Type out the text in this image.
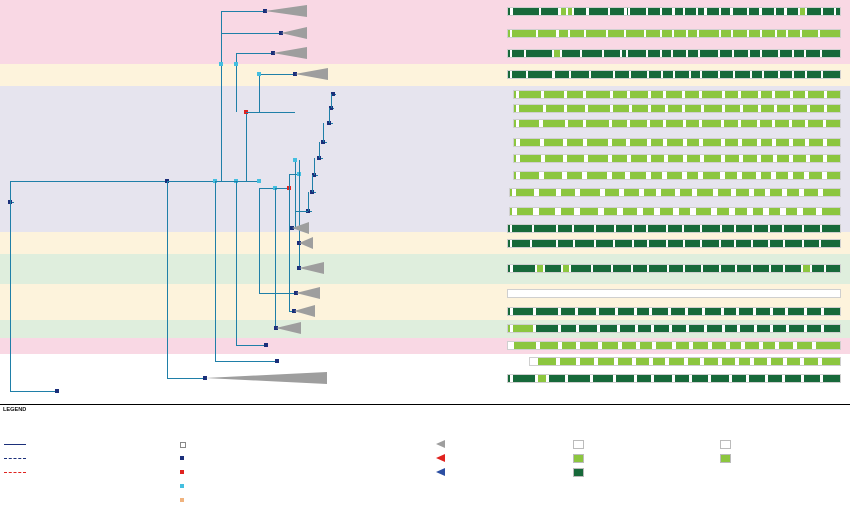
LEGEND
